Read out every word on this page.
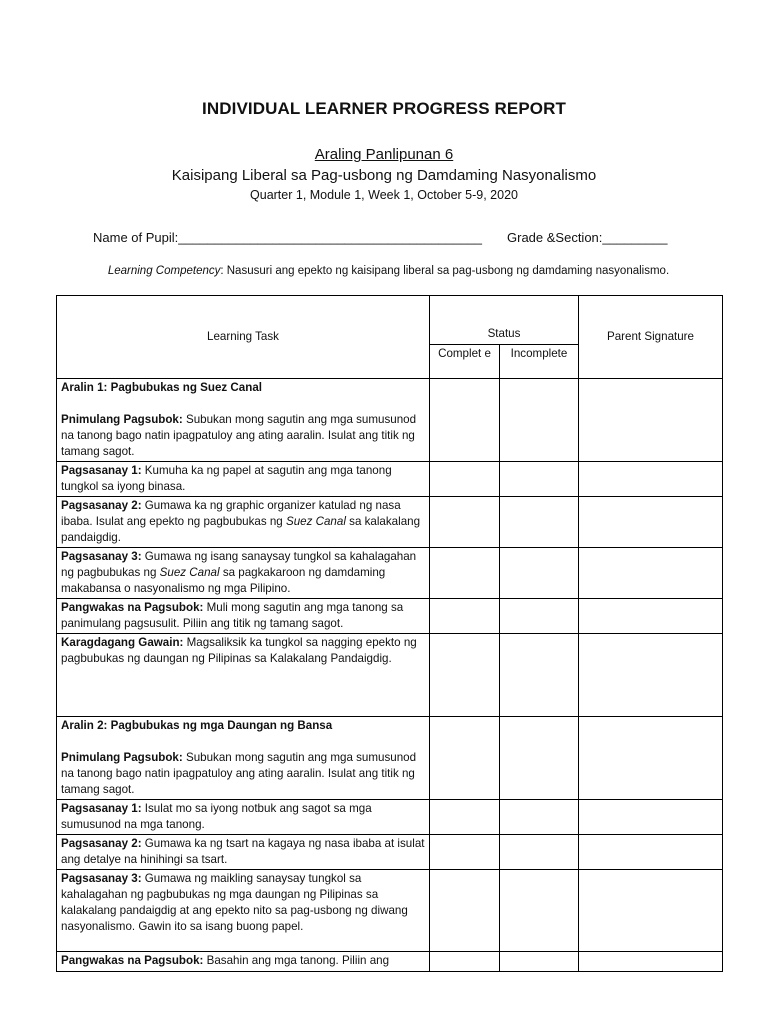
INDIVIDUAL LEARNER PROGRESS REPORT
Araling Panlipunan 6
Kaisipang Liberal sa Pag-usbong ng Damdaming Nasyonalismo
Quarter 1, Module 1, Week 1, October 5-9, 2020
Name of Pupil:__________________________________________ Grade &Section:_________
Learning Competency: Nasusuri ang epekto ng kaisipang liberal sa pag-usbong ng damdaming nasyonalismo.
Learning Task	Status		Parent Signature
	Complet e	Incomplete	
Aralin 1: Pagbubukas ng Suez Canal
Pnimulang Pagsubok: Subukan mong sagutin ang mga sumusunod na tanong bago natin ipagpatuloy ang ating aaralin. Isulat ang titik ng tamang sagot.			
Pagsasanay 1: Kumuha ka ng papel at sagutin ang mga tanong tungkol sa iyong binasa.			
Pagsasanay 2: Gumawa ka ng graphic organizer katulad ng nasa ibaba. Isulat ang epekto ng pagbubukas ng Suez Canal sa kalakalang pandaigdig.			
Pagsasanay 3: Gumawa ng isang sanaysay tungkol sa kahalagahan ng pagbubukas ng Suez Canal sa pagkakaroon ng damdaming makabansa o nasyonalismo ng mga Pilipino.			
Pangwakas na Pagsubok: Muli mong sagutin ang mga tanong sa panimulang pagsusulit. Piliin ang titik ng tamang sagot.			
Karagdagang Gawain: Magsaliksik ka tungkol sa nagging epekto ng pagbubukas ng daungan ng Pilipinas sa Kalakalang Pandaigdig.			
Aralin 2: Pagbubukas ng mga Daungan ng Bansa
Pnimulang Pagsubok: Subukan mong sagutin ang mga sumusunod na tanong bago natin ipagpatuloy ang ating aaralin. Isulat ang titik ng tamang sagot.			
Pagsasanay 1: Isulat mo sa iyong notbuk ang sagot sa mga sumusunod na mga tanong.			
Pagsasanay 2: Gumawa ka ng tsart na kagaya ng nasa ibaba at isulat ang detalye na hinihingi sa tsart.			
Pagsasanay 3: Gumawa ng maikling sanaysay tungkol sa kahalagahan ng pagbubukas ng mga daungan ng Pilipinas sa kalakalang pandaigdig at ang epekto nito sa pag-usbong ng diwang nasyonalismo. Gawin ito sa isang buong papel.			
Pangwakas na Pagsubok: Basahin ang mga tanong. Piliin ang			
